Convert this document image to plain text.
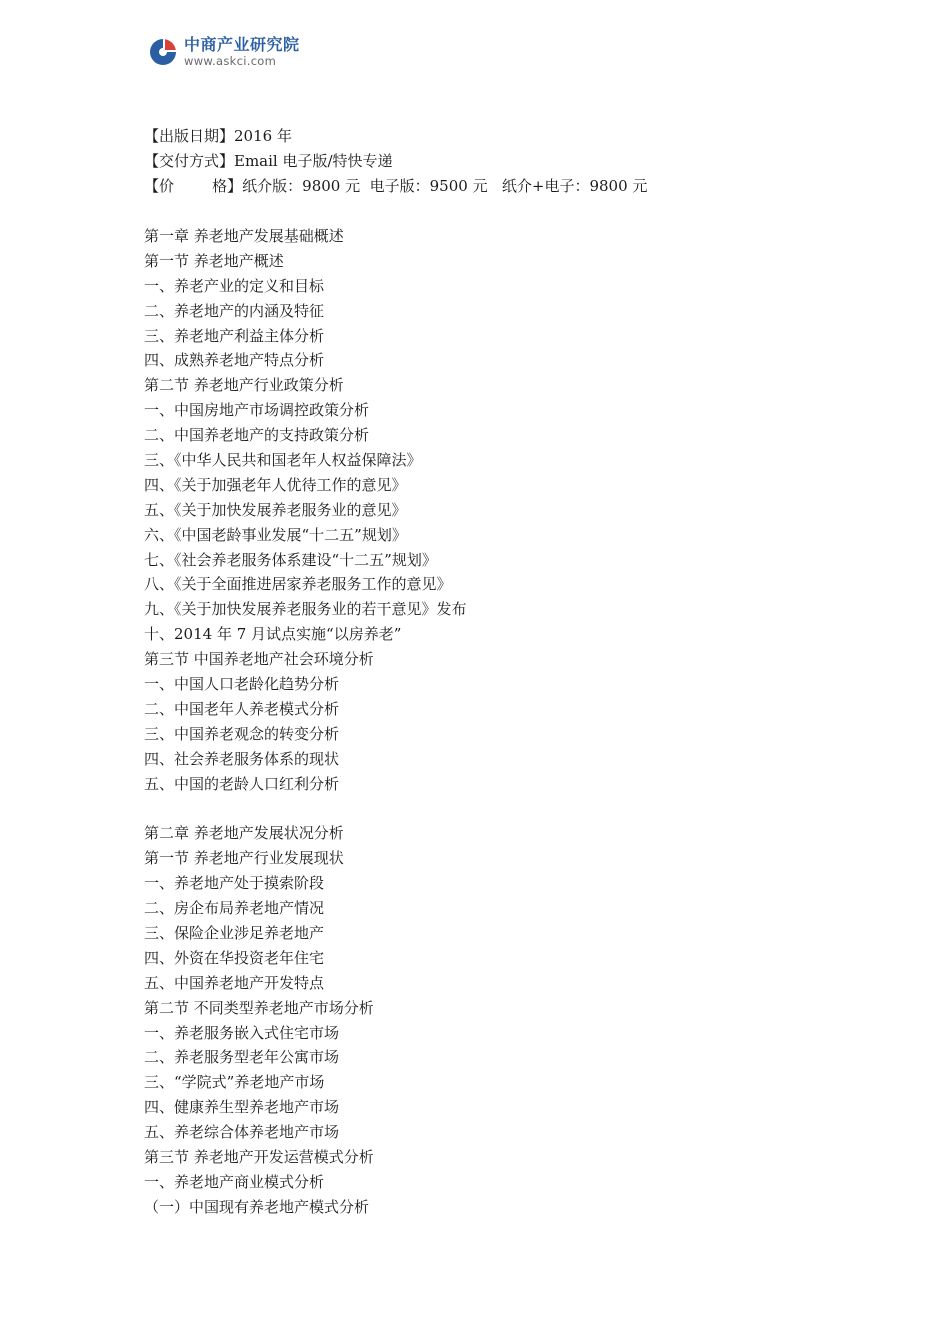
中商产业研究院
www.askci.com
【出版日期】2016 年
【交付方式】Email 电子版/特快专递
【价        格】纸介版：9800 元  电子版：9500 元   纸介+电子：9800 元
第一章 养老地产发展基础概述
第一节 养老地产概述
一、养老产业的定义和目标
二、养老地产的内涵及特征
三、养老地产利益主体分析
四、成熟养老地产特点分析
第二节 养老地产行业政策分析
一、中国房地产市场调控政策分析
二、中国养老地产的支持政策分析
三、《中华人民共和国老年人权益保障法》
四、《关于加强老年人优待工作的意见》
五、《关于加快发展养老服务业的意见》
六、《中国老龄事业发展“十二五”规划》
七、《社会养老服务体系建设“十二五”规划》
八、《关于全面推进居家养老服务工作的意见》
九、《关于加快发展养老服务业的若干意见》发布
十、2014 年 7 月试点实施“以房养老”
第三节 中国养老地产社会环境分析
一、中国人口老龄化趋势分析
二、中国老年人养老模式分析
三、中国养老观念的转变分析
四、社会养老服务体系的现状
五、中国的老龄人口红利分析
第二章 养老地产发展状况分析
第一节 养老地产行业发展现状
一、养老地产处于摸索阶段
二、房企布局养老地产情况
三、保险企业涉足养老地产
四、外资在华投资老年住宅
五、中国养老地产开发特点
第二节 不同类型养老地产市场分析
一、养老服务嵌入式住宅市场
二、养老服务型老年公寓市场
三、“学院式”养老地产市场
四、健康养生型养老地产市场
五、养老综合体养老地产市场
第三节 养老地产开发运营模式分析
一、养老地产商业模式分析
（一）中国现有养老地产模式分析
